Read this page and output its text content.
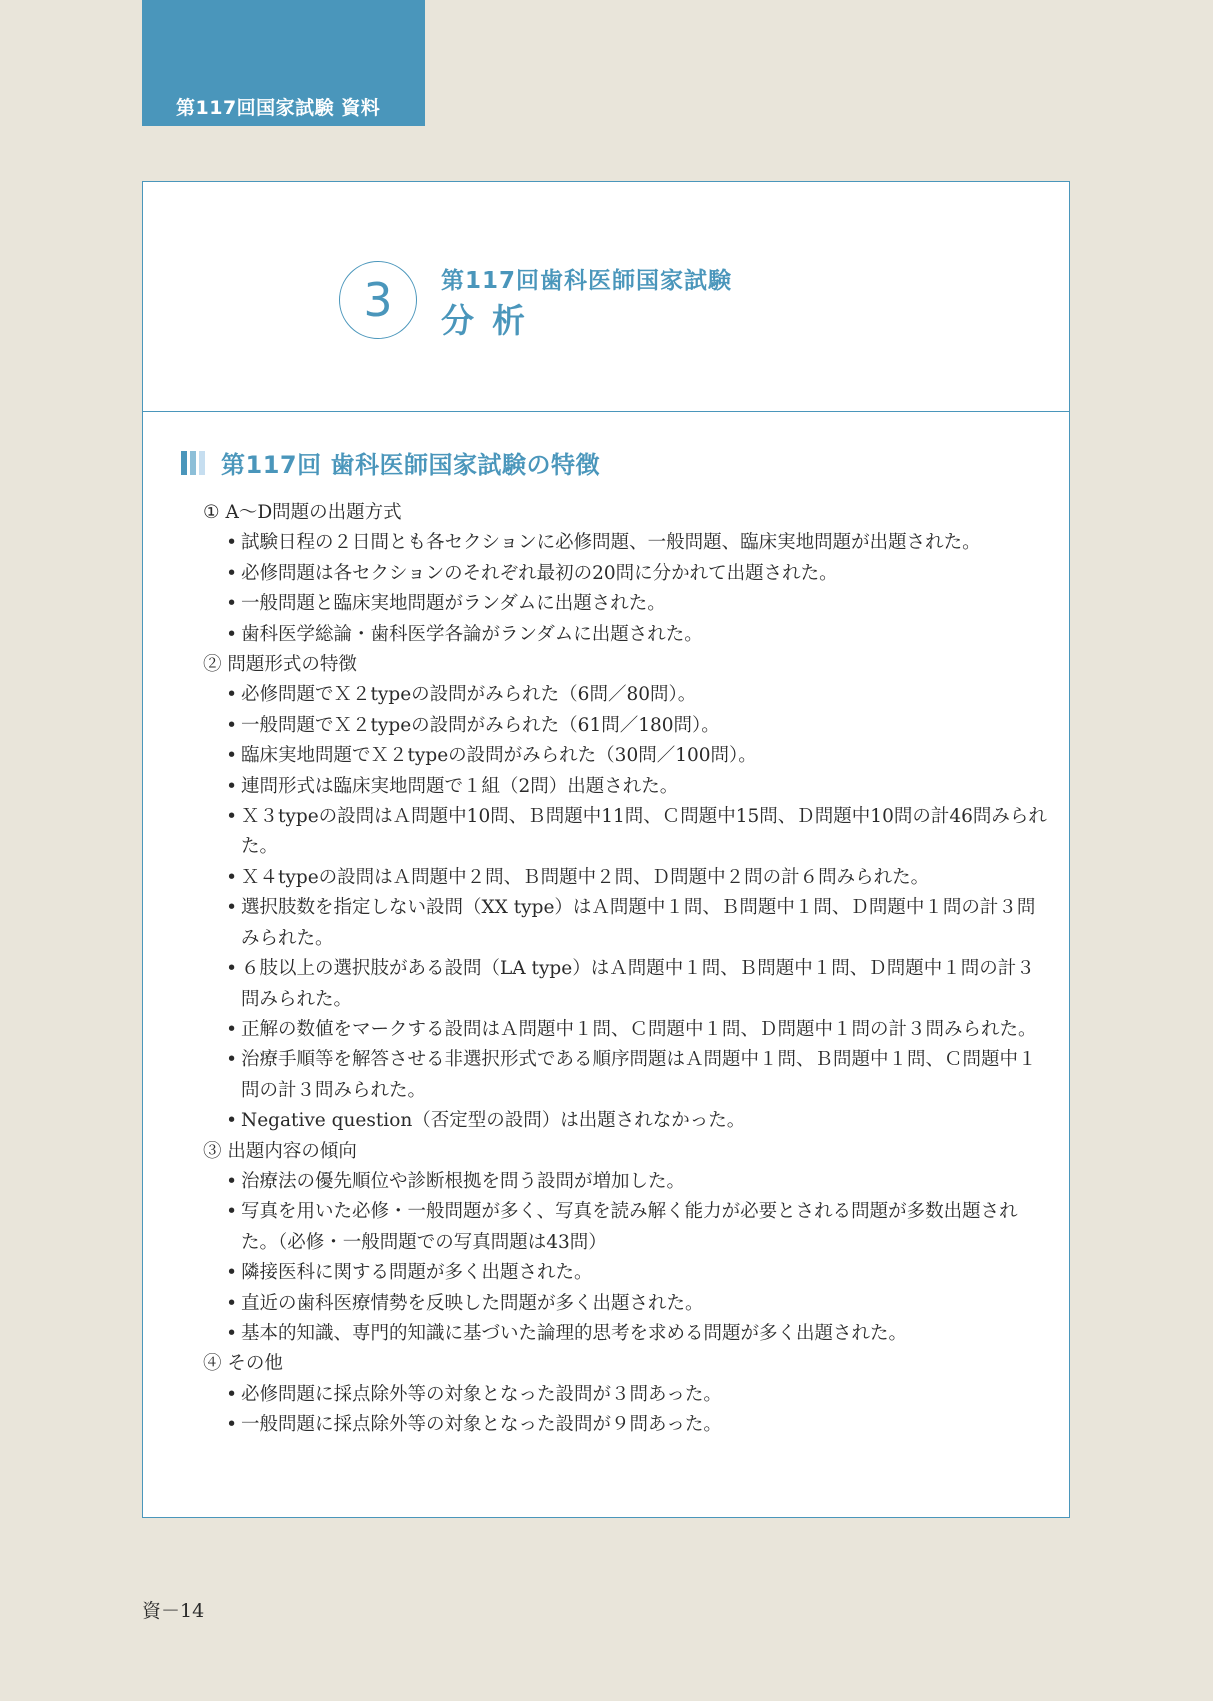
第117回国家試験 資料
3	第117回歯科医師国家試験
分析
第117回 歯科医師国家試験の特徴

① A～D問題の出題方式

• 試験日程の２日間とも各セクションに必修問題、一般問題、臨床実地問題が出題された。

• 必修問題は各セクションのそれぞれ最初の20問に分かれて出題された。

• 一般問題と臨床実地問題がランダムに出題された。

• 歯科医学総論・歯科医学各論がランダムに出題された。

② 問題形式の特徴

• 必修問題でＸ２typeの設問がみられた（6問／80問）。

• 一般問題でＸ２typeの設問がみられた（61問／180問）。

• 臨床実地問題でＸ２typeの設問がみられた（30問／100問）。

• 連問形式は臨床実地問題で１組（2問）出題された。

• Ｘ３typeの設問はＡ問題中10問、Ｂ問題中11問、Ｃ問題中15問、Ｄ問題中10問の計46問みられた。

• Ｘ４typeの設問はＡ問題中２問、Ｂ問題中２問、Ｄ問題中２問の計６問みられた。

• 選択肢数を指定しない設問（XX type）はＡ問題中１問、Ｂ問題中１問、Ｄ問題中１問の計３問みられた。

• ６肢以上の選択肢がある設問（LA type）はＡ問題中１問、Ｂ問題中１問、Ｄ問題中１問の計３問みられた。

• 正解の数値をマークする設問はＡ問題中１問、Ｃ問題中１問、Ｄ問題中１問の計３問みられた。

• 治療手順等を解答させる非選択形式である順序問題はＡ問題中１問、Ｂ問題中１問、Ｃ問題中１問の計３問みられた。

• Negative question（否定型の設問）は出題されなかった。

③ 出題内容の傾向

• 治療法の優先順位や診断根拠を問う設問が増加した。

• 写真を用いた必修・一般問題が多く、写真を読み解く能力が必要とされる問題が多数出題された。（必修・一般問題での写真問題は43問）

• 隣接医科に関する問題が多く出題された。

• 直近の歯科医療情勢を反映した問題が多く出題された。

• 基本的知識、専門的知識に基づいた論理的思考を求める問題が多く出題された。

④ その他

• 必修問題に採点除外等の対象となった設問が３問あった。

• 一般問題に採点除外等の対象となった設問が９問あった。

資－14
